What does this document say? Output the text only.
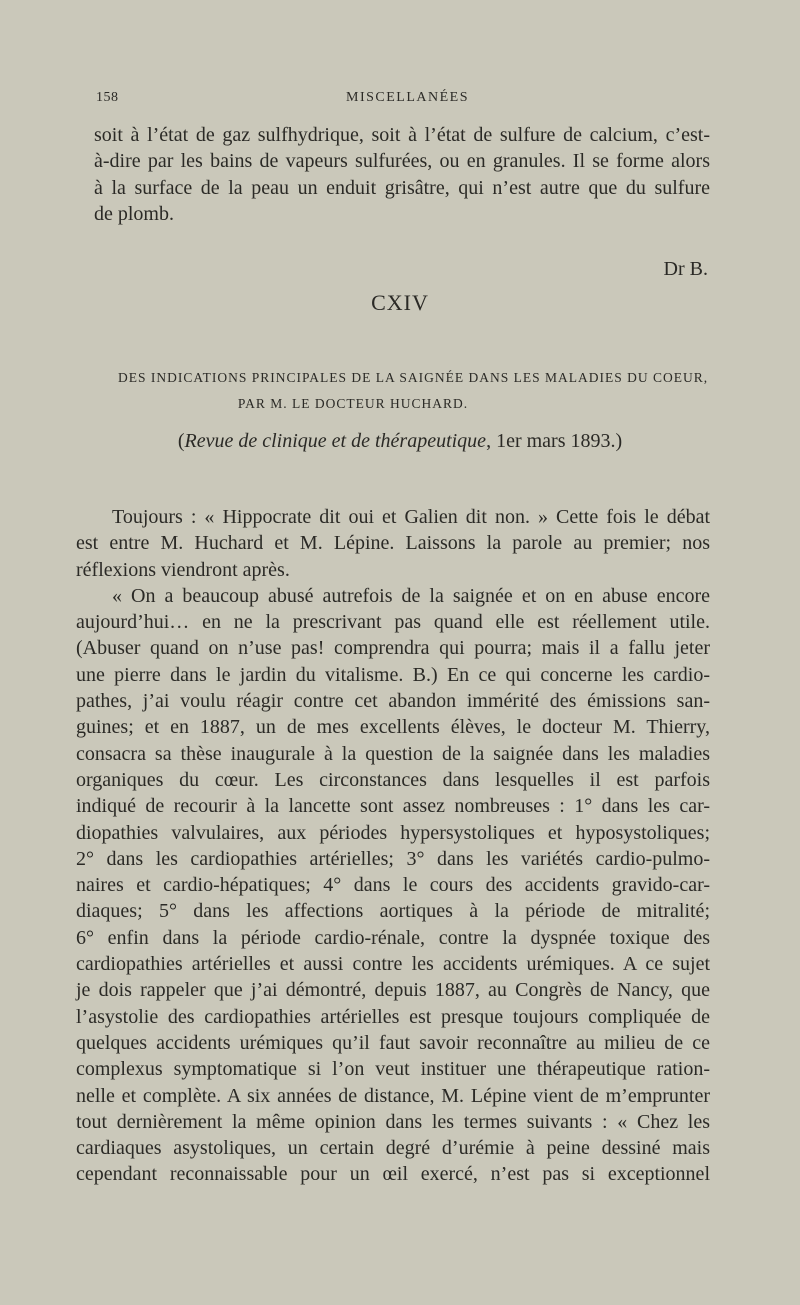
158	MISCELLANÉES
soit à l’état de gaz sulfhydrique, soit à l’état de sulfure de calcium, c’est-
à-dire par les bains de vapeurs sulfurées, ou en granules. Il se forme alors
à la surface de la peau un enduit grisâtre, qui n’est autre que du sulfure
de plomb.
Dr B.
CXIV
DES INDICATIONS PRINCIPALES DE LA SAIGNÉE DANS LES MALADIES DU COEUR,
PAR M. LE DOCTEUR HUCHARD.
(Revue de clinique et de thérapeutique, 1er mars 1893.)
Toujours : « Hippocrate dit oui et Galien dit non. » Cette fois le débat
est entre M. Huchard et M. Lépine. Laissons la parole au premier; nos
réflexions viendront après.
« On a beaucoup abusé autrefois de la saignée et on en abuse encore
aujourd’hui… en ne la prescrivant pas quand elle est réellement utile.
(Abuser quand on n’use pas! comprendra qui pourra; mais il a fallu jeter
une pierre dans le jardin du vitalisme. B.) En ce qui concerne les cardio-
pathes, j’ai voulu réagir contre cet abandon immérité des émissions san-
guines; et en 1887, un de mes excellents élèves, le docteur M. Thierry,
consacra sa thèse inaugurale à la question de la saignée dans les maladies
organiques du cœur. Les circonstances dans lesquelles il est parfois
indiqué de recourir à la lancette sont assez nombreuses : 1° dans les car-
diopathies valvulaires, aux périodes hypersystoliques et hyposystoliques;
2° dans les cardiopathies artérielles; 3° dans les variétés cardio-pulmo-
naires et cardio-hépatiques; 4° dans le cours des accidents gravido-car-
diaques; 5° dans les affections aortiques à la période de mitralité;
6° enfin dans la période cardio-rénale, contre la dyspnée toxique des
cardiopathies artérielles et aussi contre les accidents urémiques. A ce sujet
je dois rappeler que j’ai démontré, depuis 1887, au Congrès de Nancy, que
l’asystolie des cardiopathies artérielles est presque toujours compliquée de
quelques accidents urémiques qu’il faut savoir reconnaître au milieu de ce
complexus symptomatique si l’on veut instituer une thérapeutique ration-
nelle et complète. A six années de distance, M. Lépine vient de m’emprunter
tout dernièrement la même opinion dans les termes suivants : « Chez les
cardiaques asystoliques, un certain degré d’urémie à peine dessiné mais
cependant reconnaissable pour un œil exercé, n’est pas si exceptionnel
